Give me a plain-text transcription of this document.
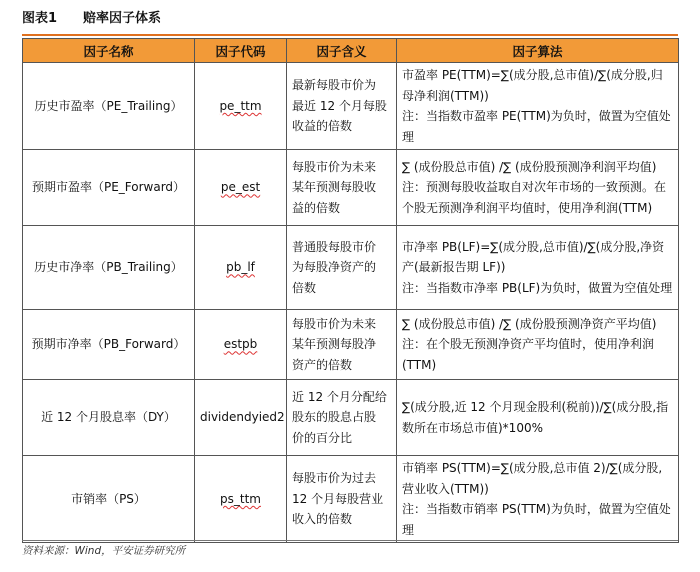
图表1 赔率因子体系
因子名称	因子代码	因子含义	因子算法
历史市盈率（PE_Trailing）	pe_ttm	最新每股市价为 最近 12 个月每股 收益的倍数	市盈率 PE(TTM)=∑(成分股,总市值)/∑(成分股,归母净利润(TTM))
注：当指数市盈率 PE(TTM)为负时，做置为空值处理

预期市盈率（PE_Forward）	pe_est	每股市价为未来 某年预测每股收 益的倍数	∑ (成份股总市值) /∑ (成份股预测净利润平均值)
注：预测每股收益取自对次年市场的一致预测。在个股无预测净利润平均值时，使用净利润(TTM)

历史市净率（PB_Trailing）	pb_lf	普通股每股市价 为每股净资产的 倍数	市净率 PB(LF)=∑(成分股,总市值)/∑(成分股,净资产(最新报告期 LF))
注：当指数市净率 PB(LF)为负时，做置为空值处理

预期市净率（PB_Forward）	estpb	每股市价为未来 某年预测每股净 资产的倍数	∑ (成份股总市值) /∑ (成份股预测净资产平均值)
注：在个股无预测净资产平均值时，使用净利润(TTM)

近 12 个月股息率（DY）	dividendyied2	近 12 个月分配给 股东的股息占股 价的百分比	∑(成分股,近 12 个月现金股利(税前))/∑(成分股,指数所在市场总市值)*100%

市销率（PS）	ps_ttm	每股市价为过去 12 个月每股营业 收入的倍数	市销率 PS(TTM)=∑(成分股,总市值 2)/∑(成分股,营业收入(TTM))
注：当指数市销率 PS(TTM)为负时，做置为空值处理
资料来源：Wind，平安证券研究所
